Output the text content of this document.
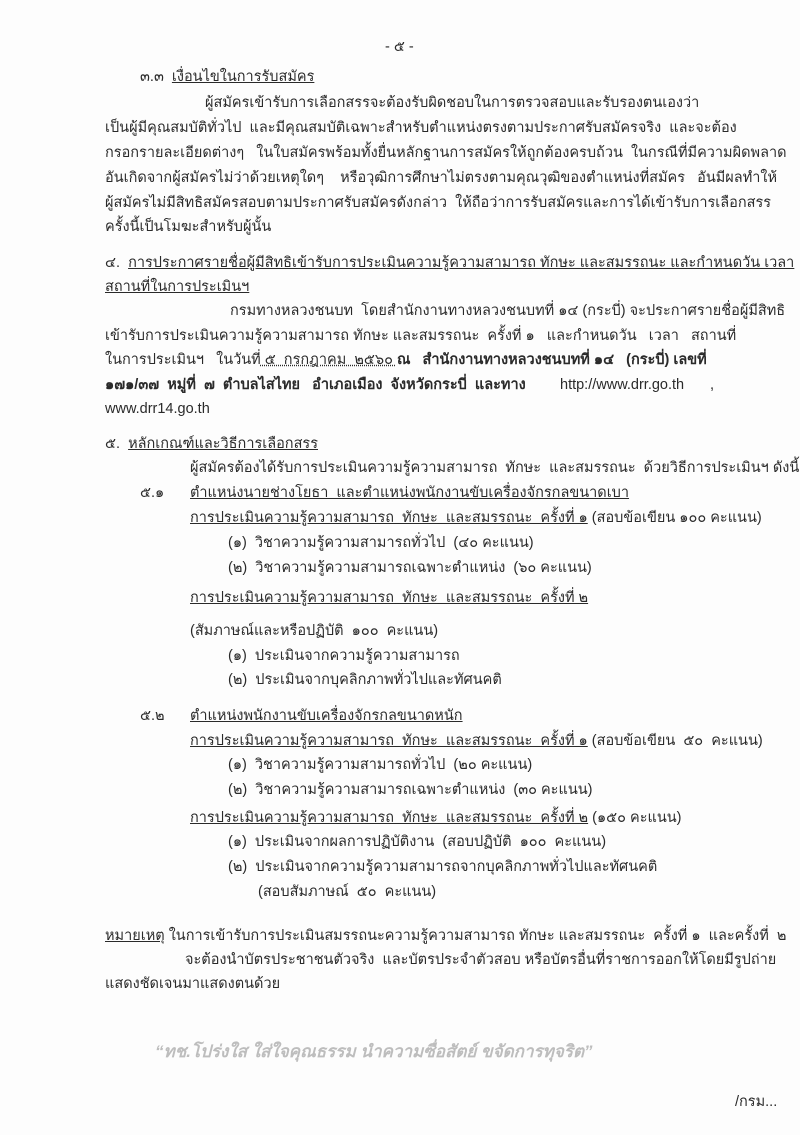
- ๕ -
๓.๓ เงื่อนไขในการรับสมัคร
ผู้สมัครเข้ารับการเลือกสรรจะต้องรับผิดชอบในการตรวจสอบและรับรองตนเองว่า
เป็นผู้มีคุณสมบัติทั่วไป  และมีคุณสมบัติเฉพาะสำหรับตำแหน่งตรงตามประกาศรับสมัครจริง  และจะต้อง
กรอกรายละเอียดต่างๆ   ในใบสมัครพร้อมทั้งยื่นหลักฐานการสมัครให้ถูกต้องครบถ้วน  ในกรณีที่มีความผิดพลาด
อันเกิดจากผู้สมัครไม่ว่าด้วยเหตุใดๆ    หรือวุฒิการศึกษาไม่ตรงตามคุณวุฒิของตำแหน่งที่สมัคร   อันมีผลทำให้
ผู้สมัครไม่มีสิทธิสมัครสอบตามประกาศรับสมัครดังกล่าว  ให้ถือว่าการรับสมัครและการได้เข้ารับการเลือกสรร
ครั้งนี้เป็นโมฆะสำหรับผู้นั้น
๔. การประกาศรายชื่อผู้มีสิทธิเข้ารับการประเมินความรู้ความสามารถ ทักษะ และสมรรถนะ และกำหนดวัน เวลา
สถานที่ในการประเมินฯ
กรมทางหลวงชนบท  โดยสำนักงานทางหลวงชนบทที่ ๑๔ (กระบี่) จะประกาศรายชื่อผู้มีสิทธิ
เข้ารับการประเมินความรู้ความสามารถ ทักษะ และสมรรถนะ  ครั้งที่ ๑   และกำหนดวัน   เวลา   สถานที่
ในการประเมินฯ   ในวันที่ ๕  กรกฎาคม  ๒๕๖๐ ณ   สำนักงานทางหลวงชนบทที่ ๑๔   (กระบี่) เลขที่
๑๗๑/๓๗  หมู่ที่  ๗  ตำบลไสไทย   อำเภอเมือง  จังหวัดกระบี่  และทาง http://www.drr.go.th ,
www.drr14.go.th
๕. หลักเกณฑ์และวิธีการเลือกสรร
ผู้สมัครต้องได้รับการประเมินความรู้ความสามารถ  ทักษะ  และสมรรถนะ  ด้วยวิธีการประเมินฯ ดังนี้
๕.๑ ตำแหน่งนายช่างโยธา  และตำแหน่งพนักงานขับเครื่องจักรกลขนาดเบา
การประเมินความรู้ความสามารถ  ทักษะ  และสมรรถนะ  ครั้งที่ ๑ (สอบข้อเขียน ๑๐๐ คะแนน)
(๑)  วิชาความรู้ความสามารถทั่วไป  (๔๐ คะแนน)
(๒)  วิชาความรู้ความสามารถเฉพาะตำแหน่ง  (๖๐ คะแนน)
การประเมินความรู้ความสามารถ  ทักษะ  และสมรรถนะ  ครั้งที่ ๒
(สัมภาษณ์และหรือปฏิบัติ  ๑๐๐  คะแนน)
(๑)  ประเมินจากความรู้ความสามารถ
(๒)  ประเมินจากบุคลิกภาพทั่วไปและทัศนคติ
๕.๒ ตำแหน่งพนักงานขับเครื่องจักรกลขนาดหนัก
การประเมินความรู้ความสามารถ  ทักษะ  และสมรรถนะ  ครั้งที่ ๑ (สอบข้อเขียน  ๕๐  คะแนน)
(๑)  วิชาความรู้ความสามารถทั่วไป  (๒๐ คะแนน)
(๒)  วิชาความรู้ความสามารถเฉพาะตำแหน่ง  (๓๐ คะแนน)
การประเมินความรู้ความสามารถ  ทักษะ  และสมรรถนะ  ครั้งที่ ๒ (๑๕๐ คะแนน)
(๑)  ประเมินจากผลการปฏิบัติงาน  (สอบปฏิบัติ  ๑๐๐  คะแนน)
(๒)  ประเมินจากความรู้ความสามารถจากบุคลิกภาพทั่วไปและทัศนคติ
(สอบสัมภาษณ์  ๕๐  คะแนน)
หมายเหตุ ในการเข้ารับการประเมินสมรรถนะความรู้ความสามารถ ทักษะ และสมรรถนะ  ครั้งที่ ๑  และครั้งที่  ๒
จะต้องนำบัตรประชาชนตัวจริง  และบัตรประจำตัวสอบ หรือบัตรอื่นที่ราชการออกให้โดยมีรูปถ่าย
แสดงชัดเจนมาแสดงตนด้วย
“ทช.โปร่งใส ใส่ใจคุณธรรม นำความซื่อสัตย์ ขจัดการทุจริต”
/กรม...
